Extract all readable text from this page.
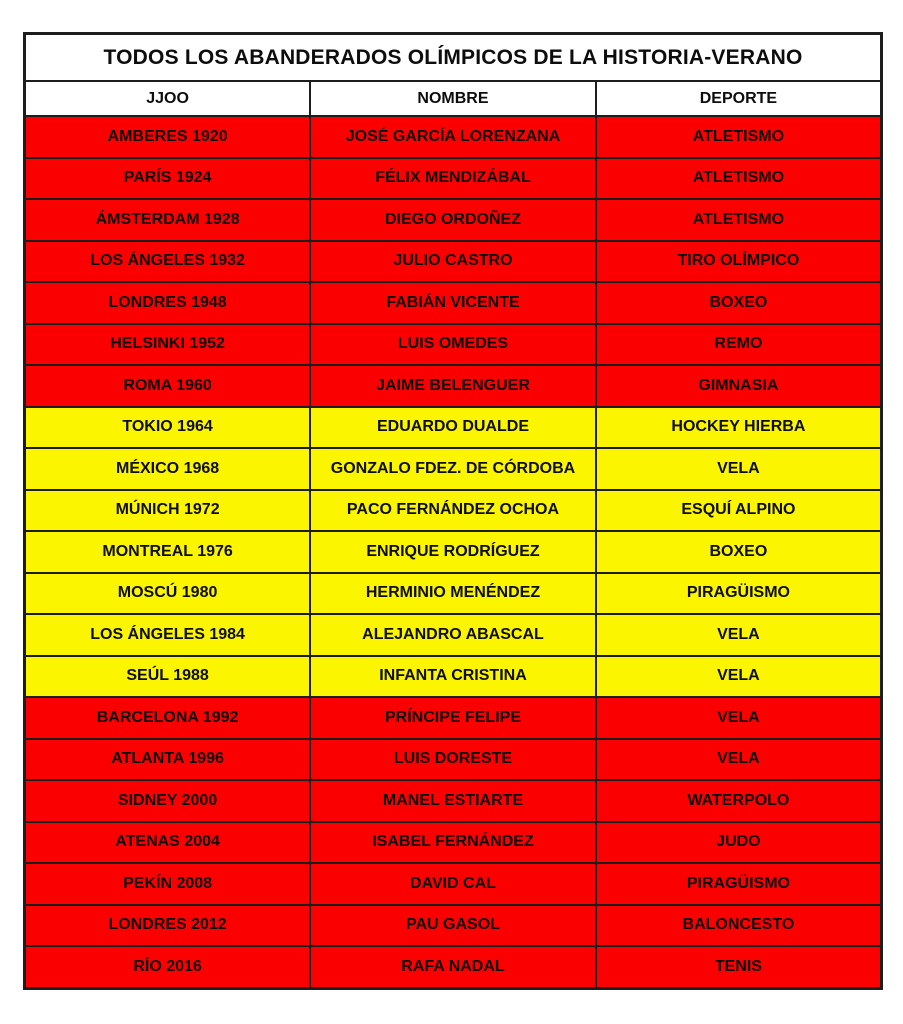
TODOS LOS ABANDERADOS OLÍMPICOS DE LA HISTORIA-VERANO		
JJOO	NOMBRE	DEPORTE
AMBERES 1920	JOSÉ GARCÍA LORENZANA	ATLETISMO
PARÍS 1924	FÉLIX MENDIZÁBAL	ATLETISMO
ÁMSTERDAM 1928	DIEGO ORDOÑEZ	ATLETISMO
LOS ÁNGELES 1932	JULIO CASTRO	TIRO OLÍMPICO
LONDRES 1948	FABIÁN VICENTE	BOXEO
HELSINKI 1952	LUIS OMEDES	REMO
ROMA 1960	JAIME BELENGUER	GIMNASIA
TOKIO 1964	EDUARDO DUALDE	HOCKEY HIERBA
MÉXICO 1968	GONZALO FDEZ. DE CÓRDOBA	VELA
MÚNICH 1972	PACO FERNÁNDEZ OCHOA	ESQUÍ ALPINO
MONTREAL 1976	ENRIQUE RODRÍGUEZ	BOXEO
MOSCÚ 1980	HERMINIO MENÉNDEZ	PIRAGÜISMO
LOS ÁNGELES 1984	ALEJANDRO ABASCAL	VELA
SEÚL 1988	INFANTA CRISTINA	VELA
BARCELONA 1992	PRÍNCIPE FELIPE	VELA
ATLANTA 1996	LUIS DORESTE	VELA
SIDNEY 2000	MANEL ESTIARTE	WATERPOLO
ATENAS 2004	ISABEL FERNÁNDEZ	JUDO
PEKÍN 2008	DAVID CAL	PIRAGÜISMO
LONDRES 2012	PAU GASOL	BALONCESTO
RÍO 2016	RAFA NADAL	TENIS
